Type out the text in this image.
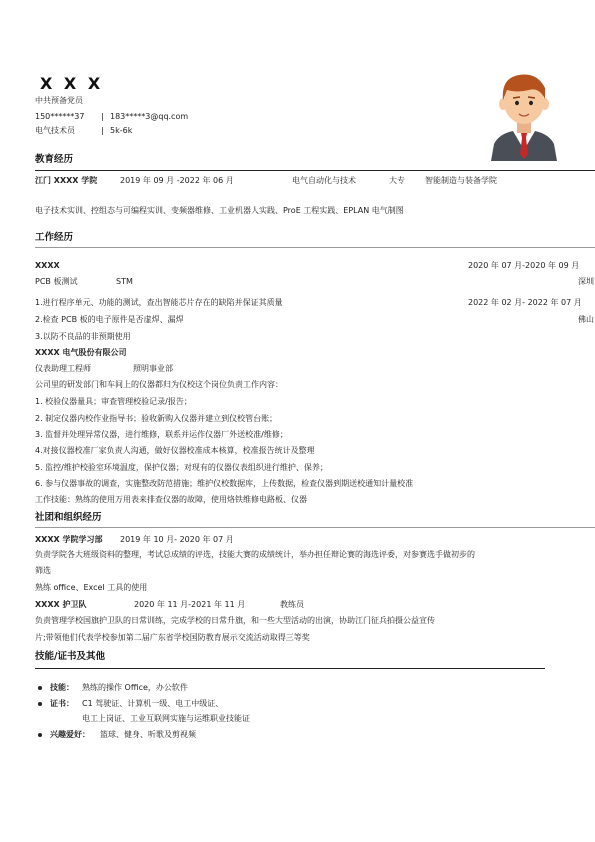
X X X
中共预备党员
150******37 | 183*****3@qq.com
电气技术员	| 5k-6k
教育经历
江门 XXXX 学院	2019 年 09 月 -2022 年 06 月	电气自动化与技术	大专	智能制造与装备学院
电子技术实训、控组态与可编程实训、变频器维修、工业机器人实践、ProE 工程实践、EPLAN 电气制图
工作经历
XXXX	2020 年 07 月-2020 年 09 月
PCB 板测试	STM	深圳
1.进行程序单元、功能的测试，查出智能芯片存在的缺陷并保证其质量	2022 年 02 月- 2022 年 07 月
2.检查 PCB 板的电子原件是否虚焊、漏焊	佛山
3.以防不良品的非预期使用
XXXX 电气股份有限公司
仪表助理工程师	照明事业部
公司里的研发部门和车间上的仪器都归为仪校这个岗位负责工作内容：
1. 校验仪器量具；审查管理校验记录/报告；
2. 制定仪器内校作业指导书；验收新购入仪器并建立到仪校管台账；
3. 监督并处理异常仪器，进行维修，联系并运作仪器厂外送校准/维修；
4.对接仪器校准厂家负责人沟通，做好仪器校准成本核算，校准报告统计及整理
5. 监控/维护校验室环境温度，保护仪器；对现有的仪器仪表组织进行维护、保养；
6. 参与仪器事故的调查，实施整改防范措施；维护仪校数据库，上传数据，检查仪器到期送校通知计量校准
工作技能：熟练的使用万用表来排查仪器的故障，使用烙铁维修电路板、仪器
社团和组织经历
XXXX 学院学习部 2019 年 10 月- 2020 年 07 月
负责学院各大班级资料的整理，考试总成绩的评选，技能大赛的成绩统计，举办担任辩论赛的海选评委，对参赛选手做初步的
筛选
熟练 office、Excel 工具的使用
XXXX 护卫队	2020 年 11 月-2021 年 11 月	教练员
负责管理学校国旗护卫队的日常训练，完成学校的日常升旗，和一些大型活动的出演，协助江门征兵拍摄公益宣传
片;带领他们代表学校参加第二届广东省学校国防教育展示交流活动取得三等奖
技能/证书及其他
技能： 熟练的操作 Office，办公软件
证书： C1 驾驶证、计算机一级、电工中级证、
电工上岗证、工业互联网实施与运维职业技能证
兴趣爱好： 篮球、健身、听歌及剪视频
